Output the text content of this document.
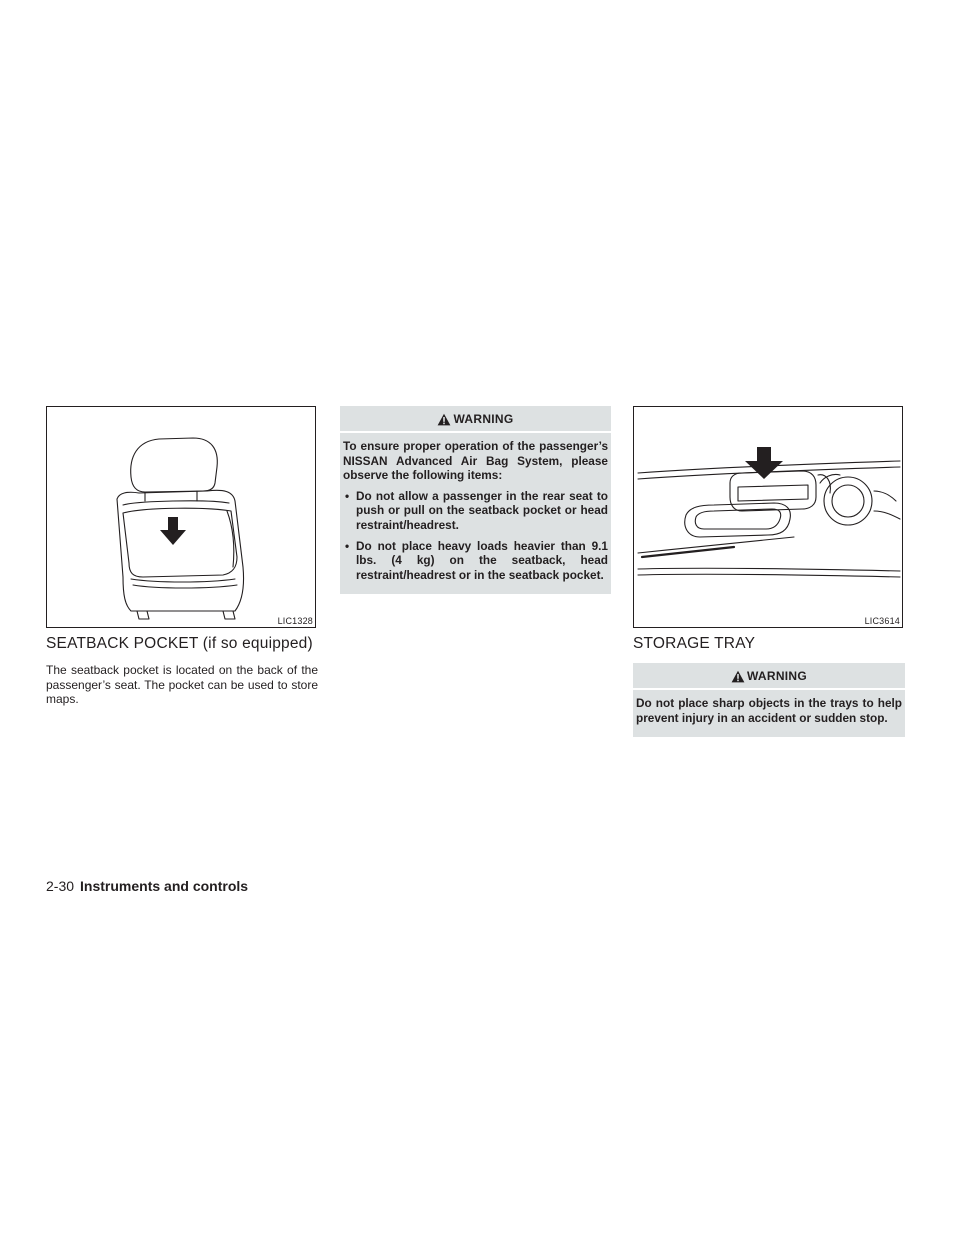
LIC1328
SEATBACK POCKET (if so equipped)

The seatback pocket is located on the back of the passenger’s seat. The pocket can be used to store maps.

WARNING

To ensure proper operation of the passenger’s NISSAN Advanced Air Bag System, please observe the following items:

• Do not allow a passenger in the rear seat to push or pull on the seatback pocket or head restraint/headrest.
• Do not place heavy loads heavier than 9.1 lbs. (4 kg) on the seatback, head restraint/headrest or in the seatback pocket.
LIC3614
STORAGE TRAY
WARNING

Do not place sharp objects in the trays to help prevent injury in an accident or sudden stop.

2-30 Instruments and controls
